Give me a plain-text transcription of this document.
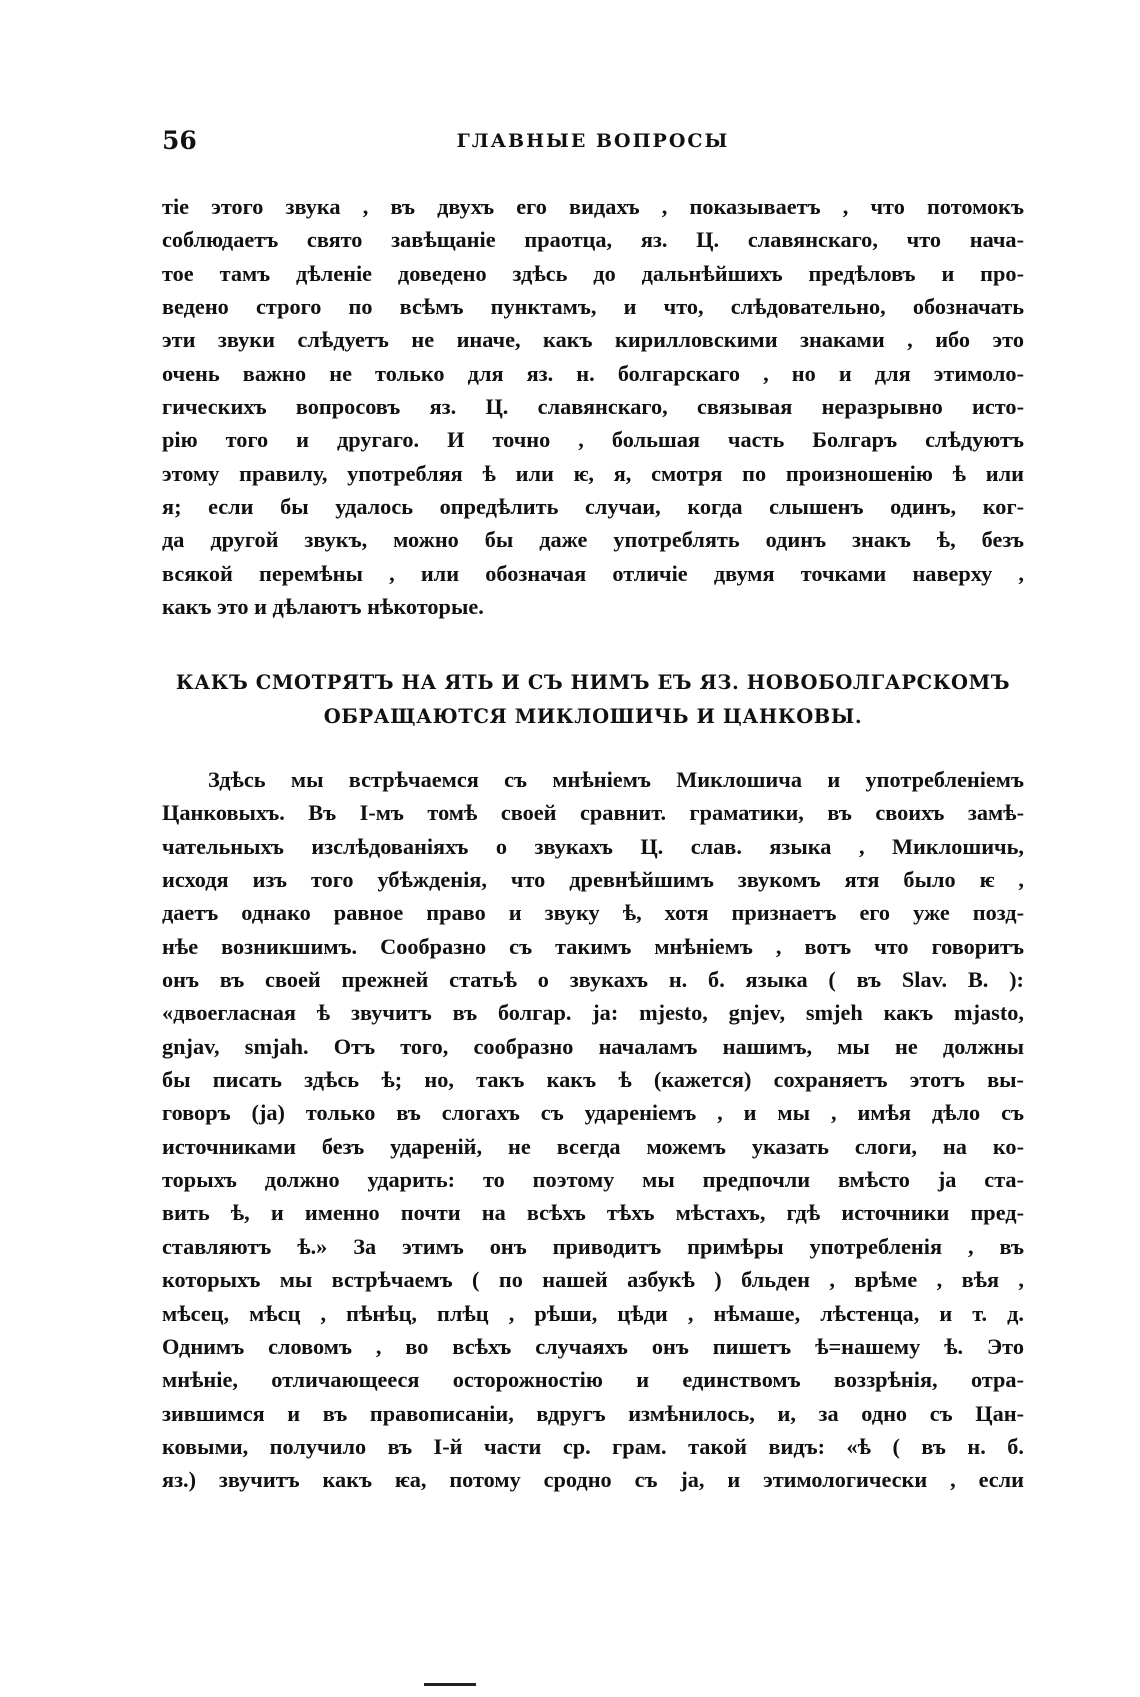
56	ГЛАВНЫЕ ВОПРОСЫ
тіе этого звука , въ двухъ его видахъ , показываетъ , что потомокъ
соблюдаетъ свято завѣщаніе праотца, яз. Ц. славянскаго, что нача-
тое тамъ дѣленіе доведено здѣсь до дальнѣйшихъ предѣловъ и про-
ведено строго по всѣмъ пунктамъ, и что, слѣдовательно, обозначать
эти звуки слѣдуетъ не иначе, какъ кирилловскими знаками , ибо это
очень важно не только для яз. н. болгарскаго , но и для этимоло-
гическихъ вопросовъ яз. Ц. славянскаго, связывая неразрывно исто-
рію того и другаго. И точно , большая часть Болгаръ слѣдуютъ
этому правилу, употребляя ѣ или ѥ, я, смотря по произношенію ѣ или
я; если бы удалось опредѣлить случаи, когда слышенъ одинъ, ког-
да другой звукъ, можно бы даже употреблять одинъ знакъ ѣ, безъ
всякой перемѣны , или обозначая отличіе двумя точками наверху ,
какъ это и дѣлаютъ нѣкоторые.
КАКЪ СМОТРЯТЪ НА ЯТЬ И СЪ НИМЪ ЕЪ ЯЗ. НОВОБОЛГАРСКОМЪ
ОБРАЩАЮТСЯ МИКЛОШИЧЬ И ЦАНКОВЫ.
Здѣсь мы встрѣчаемся съ мнѣніемъ Миклошича и употребленіемъ
Цанковыхъ. Въ I-мъ томѣ своей сравнит. граматики, въ своихъ замѣ-
чательныхъ изслѣдованіяхъ о звукахъ Ц. слав. языка , Миклошичь,
исходя изъ того убѣжденія, что древнѣйшимъ звукомъ ятя было ѥ ,
даетъ однако равное право и звуку ѣ, хотя признаетъ его уже позд-
нѣе возникшимъ. Сообразно съ такимъ мнѣніемъ , вотъ что говоритъ
онъ въ своей прежней статьѣ о звукахъ н. б. языка ( въ Slav. B. ):
«двоегласная ѣ звучитъ въ болгар. ja: mjesto, gnjev, smjeh какъ mjasto,
gnjav, smjah. Отъ того, сообразно началамъ нашимъ, мы не должны
бы писать здѣсь ѣ; но, такъ какъ ѣ (кажется) сохраняетъ этотъ вы-
говоръ (ja) только въ слогахъ съ удареніемъ , и мы , имѣя дѣло съ
источниками безъ удареній, не всегда можемъ указать слоги, на ко-
торыхъ должно ударить: то поэтому мы предпочли вмѣсто ja ста-
вить ѣ, и именно почти на всѣхъ тѣхъ мѣстахъ, гдѣ источники пред-
ставляютъ ѣ.» За этимъ онъ приводитъ примѣры употребленія , въ
которыхъ мы встрѣчаемъ ( по нашей азбукѣ ) бльден , врѣме , вѣя ,
мѣсец, мѣсц , пѣнѣц, плѣц , рѣши, цѣди , нѣмаше, лѣстенца, и т. д.
Однимъ словомъ , во всѣхъ случаяхъ онъ пишетъ ѣ=нашему ѣ. Это
мнѣніе, отличающееся осторожностію и единствомъ воззрѣнія, отра-
зившимся и въ правописаніи, вдругъ измѣнилось, и, за одно съ Цан-
ковыми, получило въ I-й части ср. грам. такой видъ: «ѣ ( въ н. б.
яз.) звучитъ какъ ѥа, потому сродно съ ja, и этимологически , если
